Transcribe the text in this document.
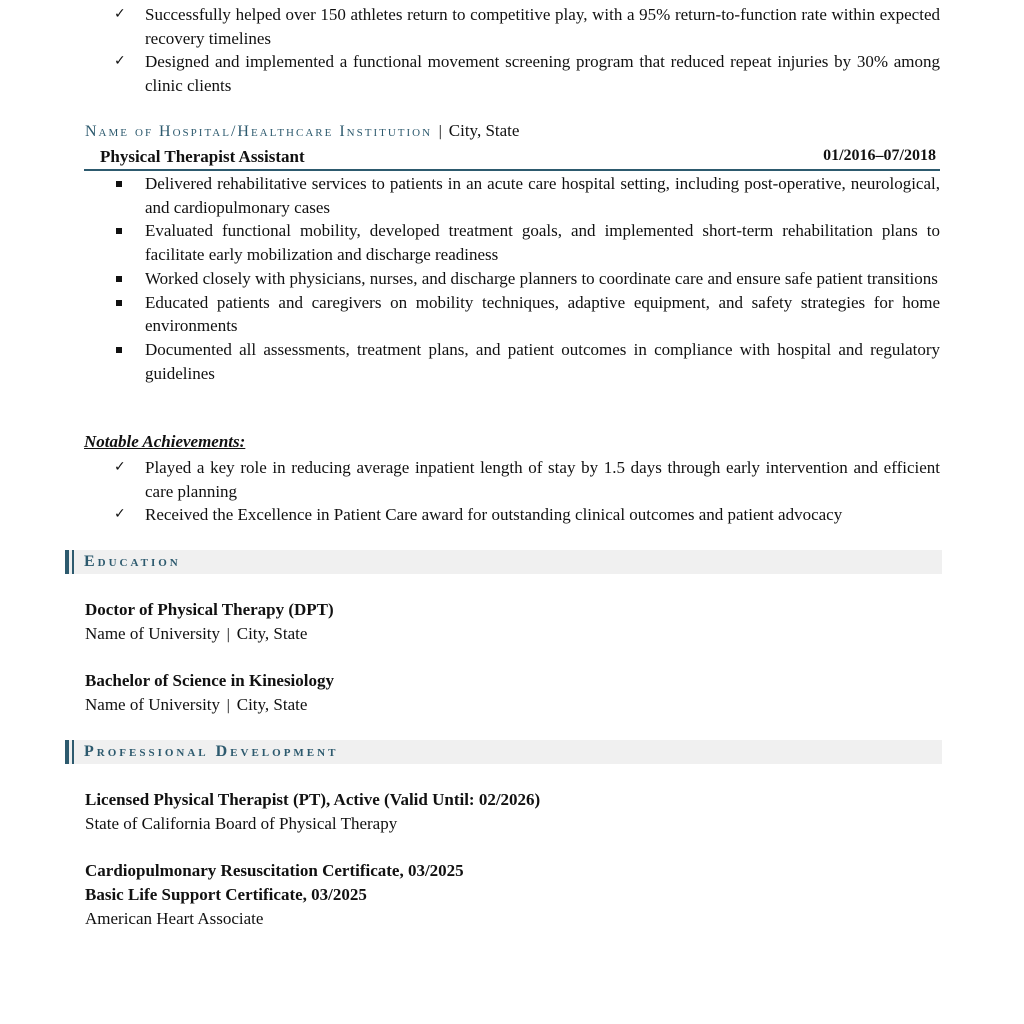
✓	Successfully helped over 150 athletes return to competitive play, with a 95% return-to-function rate within expected recovery timelines
✓	Designed and implemented a functional movement screening program that reduced repeat injuries by 30% among clinic clients
Name of Hospital/Healthcare Institution | City, State
Physical Therapist Assistant	01/2016–07/2018
Delivered rehabilitative services to patients in an acute care hospital setting, including post-operative, neurological, and cardiopulmonary cases
Evaluated functional mobility, developed treatment goals, and implemented short-term rehabilitation plans to facilitate early mobilization and discharge readiness
Worked closely with physicians, nurses, and discharge planners to coordinate care and ensure safe patient transitions
Educated patients and caregivers on mobility techniques, adaptive equipment, and safety strategies for home environments
Documented all assessments, treatment plans, and patient outcomes in compliance with hospital and regulatory guidelines
Notable Achievements:
✓	Played a key role in reducing average inpatient length of stay by 1.5 days through early intervention and efficient care planning
✓	Received the Excellence in Patient Care award for outstanding clinical outcomes and patient advocacy
Education
Doctor of Physical Therapy (DPT)
Name of University | City, State
Bachelor of Science in Kinesiology
Name of University | City, State
Professional Development
Licensed Physical Therapist (PT), Active (Valid Until: 02/2026)
State of California Board of Physical Therapy
Cardiopulmonary Resuscitation Certificate, 03/2025
Basic Life Support Certificate, 03/2025
American Heart Associate
